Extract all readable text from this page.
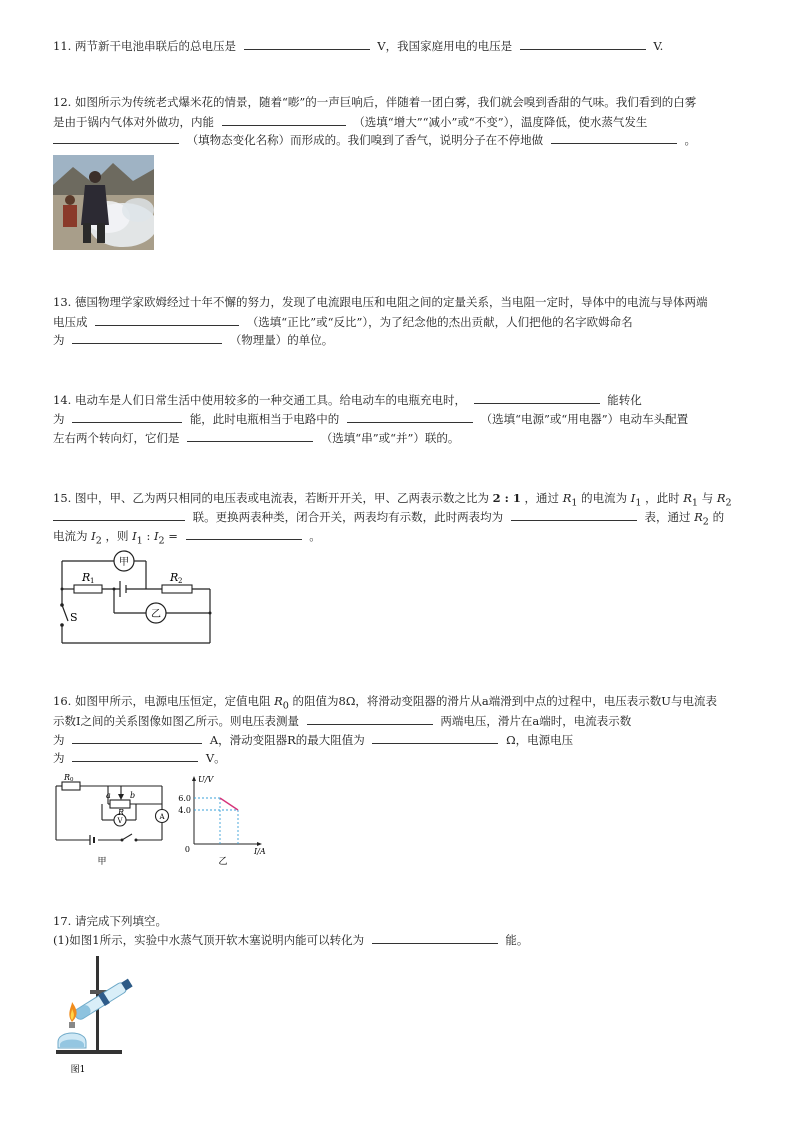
11. 两节新干电池串联后的总电压是	V，我国家庭用电的电压是	V.
12. 如图所示为传统老式爆米花的情景，随着“嘭”的一声巨响后，伴随着一团白雾，我们就会嗅到香甜的气味。我们看到的白雾
是由于锅内气体对外做功，内能	（选填“增大”“减小”或“不变”），温度降低，使水蒸气发生
（填物态变化名称）而形成的。我们嗅到了香气，说明分子在不停地做	。
13. 德国物理学家欧姆经过十年不懈的努力，发现了电流跟电压和电阻之间的定量关系，当电阻一定时，导体中的电流与导体两端
电压成	（选填“正比”或“反比”），为了纪念他的杰出贡献，人们把他的名字欧姆命名
为	（物理量）的单位。
14. 电动车是人们日常生活中使用较多的一种交通工具。给电动车的电瓶充电时，	能转化
为	能，此时电瓶相当于电路中的	（选填“电源”或“用电器”）电动车头配置
左右两个转向灯，它们是	（选填“串”或“并”）联的。
15. 图中，甲、乙为两只相同的电压表或电流表，若断开开关，甲、乙两表示数之比为 2 : 1 ，通过 $R_1$ 的电流为 $I_1$ ，此时 $R_1$ 与 $R_2$
联。更换两表种类，闭合开关，两表均有示数，此时两表均为	表，通过 $R_2$ 的
电流为 $I_2$ ，则 $I_1$ : $I_2$ =	。
甲
乙
R 1	R 2
S
16. 如图甲所示，电源电压恒定，定值电阻 $R_0$ 的阻值为8Ω，将滑动变阻器的滑片从a端滑到中点的过程中，电压表示数U与电流表
示数I之间的关系图像如图乙所示。则电压表测量	两端电压，滑片在a端时，电流表示数
为	A，滑动变阻器R的最大阻值为	Ω，电源电压
为	V。
R 0
a
R
b
V	A
甲
U/V
I/A
6.0
4.0
0
乙
17. 请完成下列填空。
(1)如图1所示，实验中水蒸气顶开软木塞说明内能可以转化为	能。
图1
